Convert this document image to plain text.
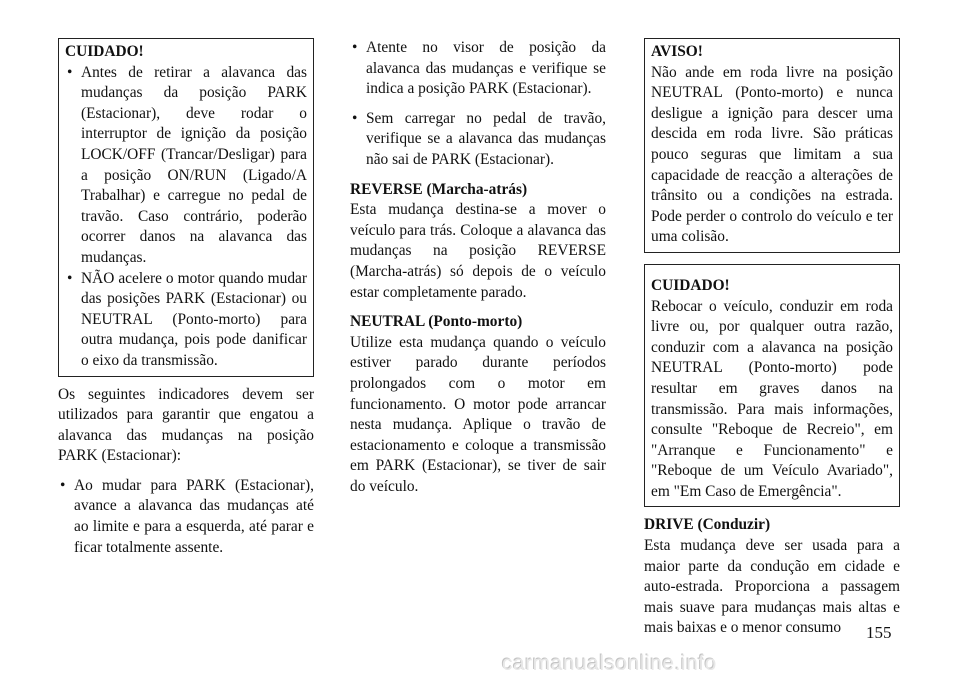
CUIDADO!
• Antes de retirar a alavanca das mudanças da posição PARK (Estacionar), deve rodar o interruptor de ignição da posição LOCK/OFF (Trancar/Desligar) para a posição ON/RUN (Ligado/A Trabalhar) e carregue no pedal de travão. Caso contrário, poderão ocorrer danos na alavanca das mudanças.
• NÃO acelere o motor quando mudar das posições PARK (Estacionar) ou NEUTRAL (Ponto-morto) para outra mudança, pois pode danificar o eixo da transmissão.

Os seguintes indicadores devem ser utilizados para garantir que engatou a alavanca das mudanças na posição PARK (Estacionar):

• Ao mudar para PARK (Estacionar), avance a alavanca das mudanças até ao limite e para a esquerda, até parar e ficar totalmente assente.
• Atente no visor de posição da alavanca das mudanças e verifique se indica a posição PARK (Estacionar).
• Sem carregar no pedal de travão, verifique se a alavanca das mudanças não sai de PARK (Estacionar).
REVERSE (Marcha-atrás)

Esta mudança destina-se a mover o veículo para trás. Coloque a alavanca das mudanças na posição REVERSE (Marcha-atrás) só depois de o veículo estar completamente parado.

NEUTRAL (Ponto-morto)

Utilize esta mudança quando o veículo estiver parado durante períodos prolongados com o motor em funcionamento. O motor pode arrancar nesta mudança. Aplique o travão de estacionamento e coloque a transmissão em PARK (Estacionar), se tiver de sair do veículo.

AVISO!

Não ande em roda livre na posição NEUTRAL (Ponto-morto) e nunca desligue a ignição para descer uma descida em roda livre. São práticas pouco seguras que limitam a sua capacidade de reacção a alterações de trânsito ou a condições na estrada. Pode perder o controlo do veículo e ter uma colisão.

CUIDADO!

Rebocar o veículo, conduzir em roda livre ou, por qualquer outra razão, conduzir com a alavanca na posição NEUTRAL (Ponto-morto) pode resultar em graves danos na transmissão. Para mais informações, consulte "Reboque de Recreio", em "Arranque e Funcionamento" e "Reboque de um Veículo Avariado", em "Em Caso de Emergência".

DRIVE (Conduzir)

Esta mudança deve ser usada para a maior parte da condução em cidade e auto-estrada. Proporciona a passagem mais suave para mudanças mais altas e mais baixas e o menor consumo	155
carmanualsonline.info
